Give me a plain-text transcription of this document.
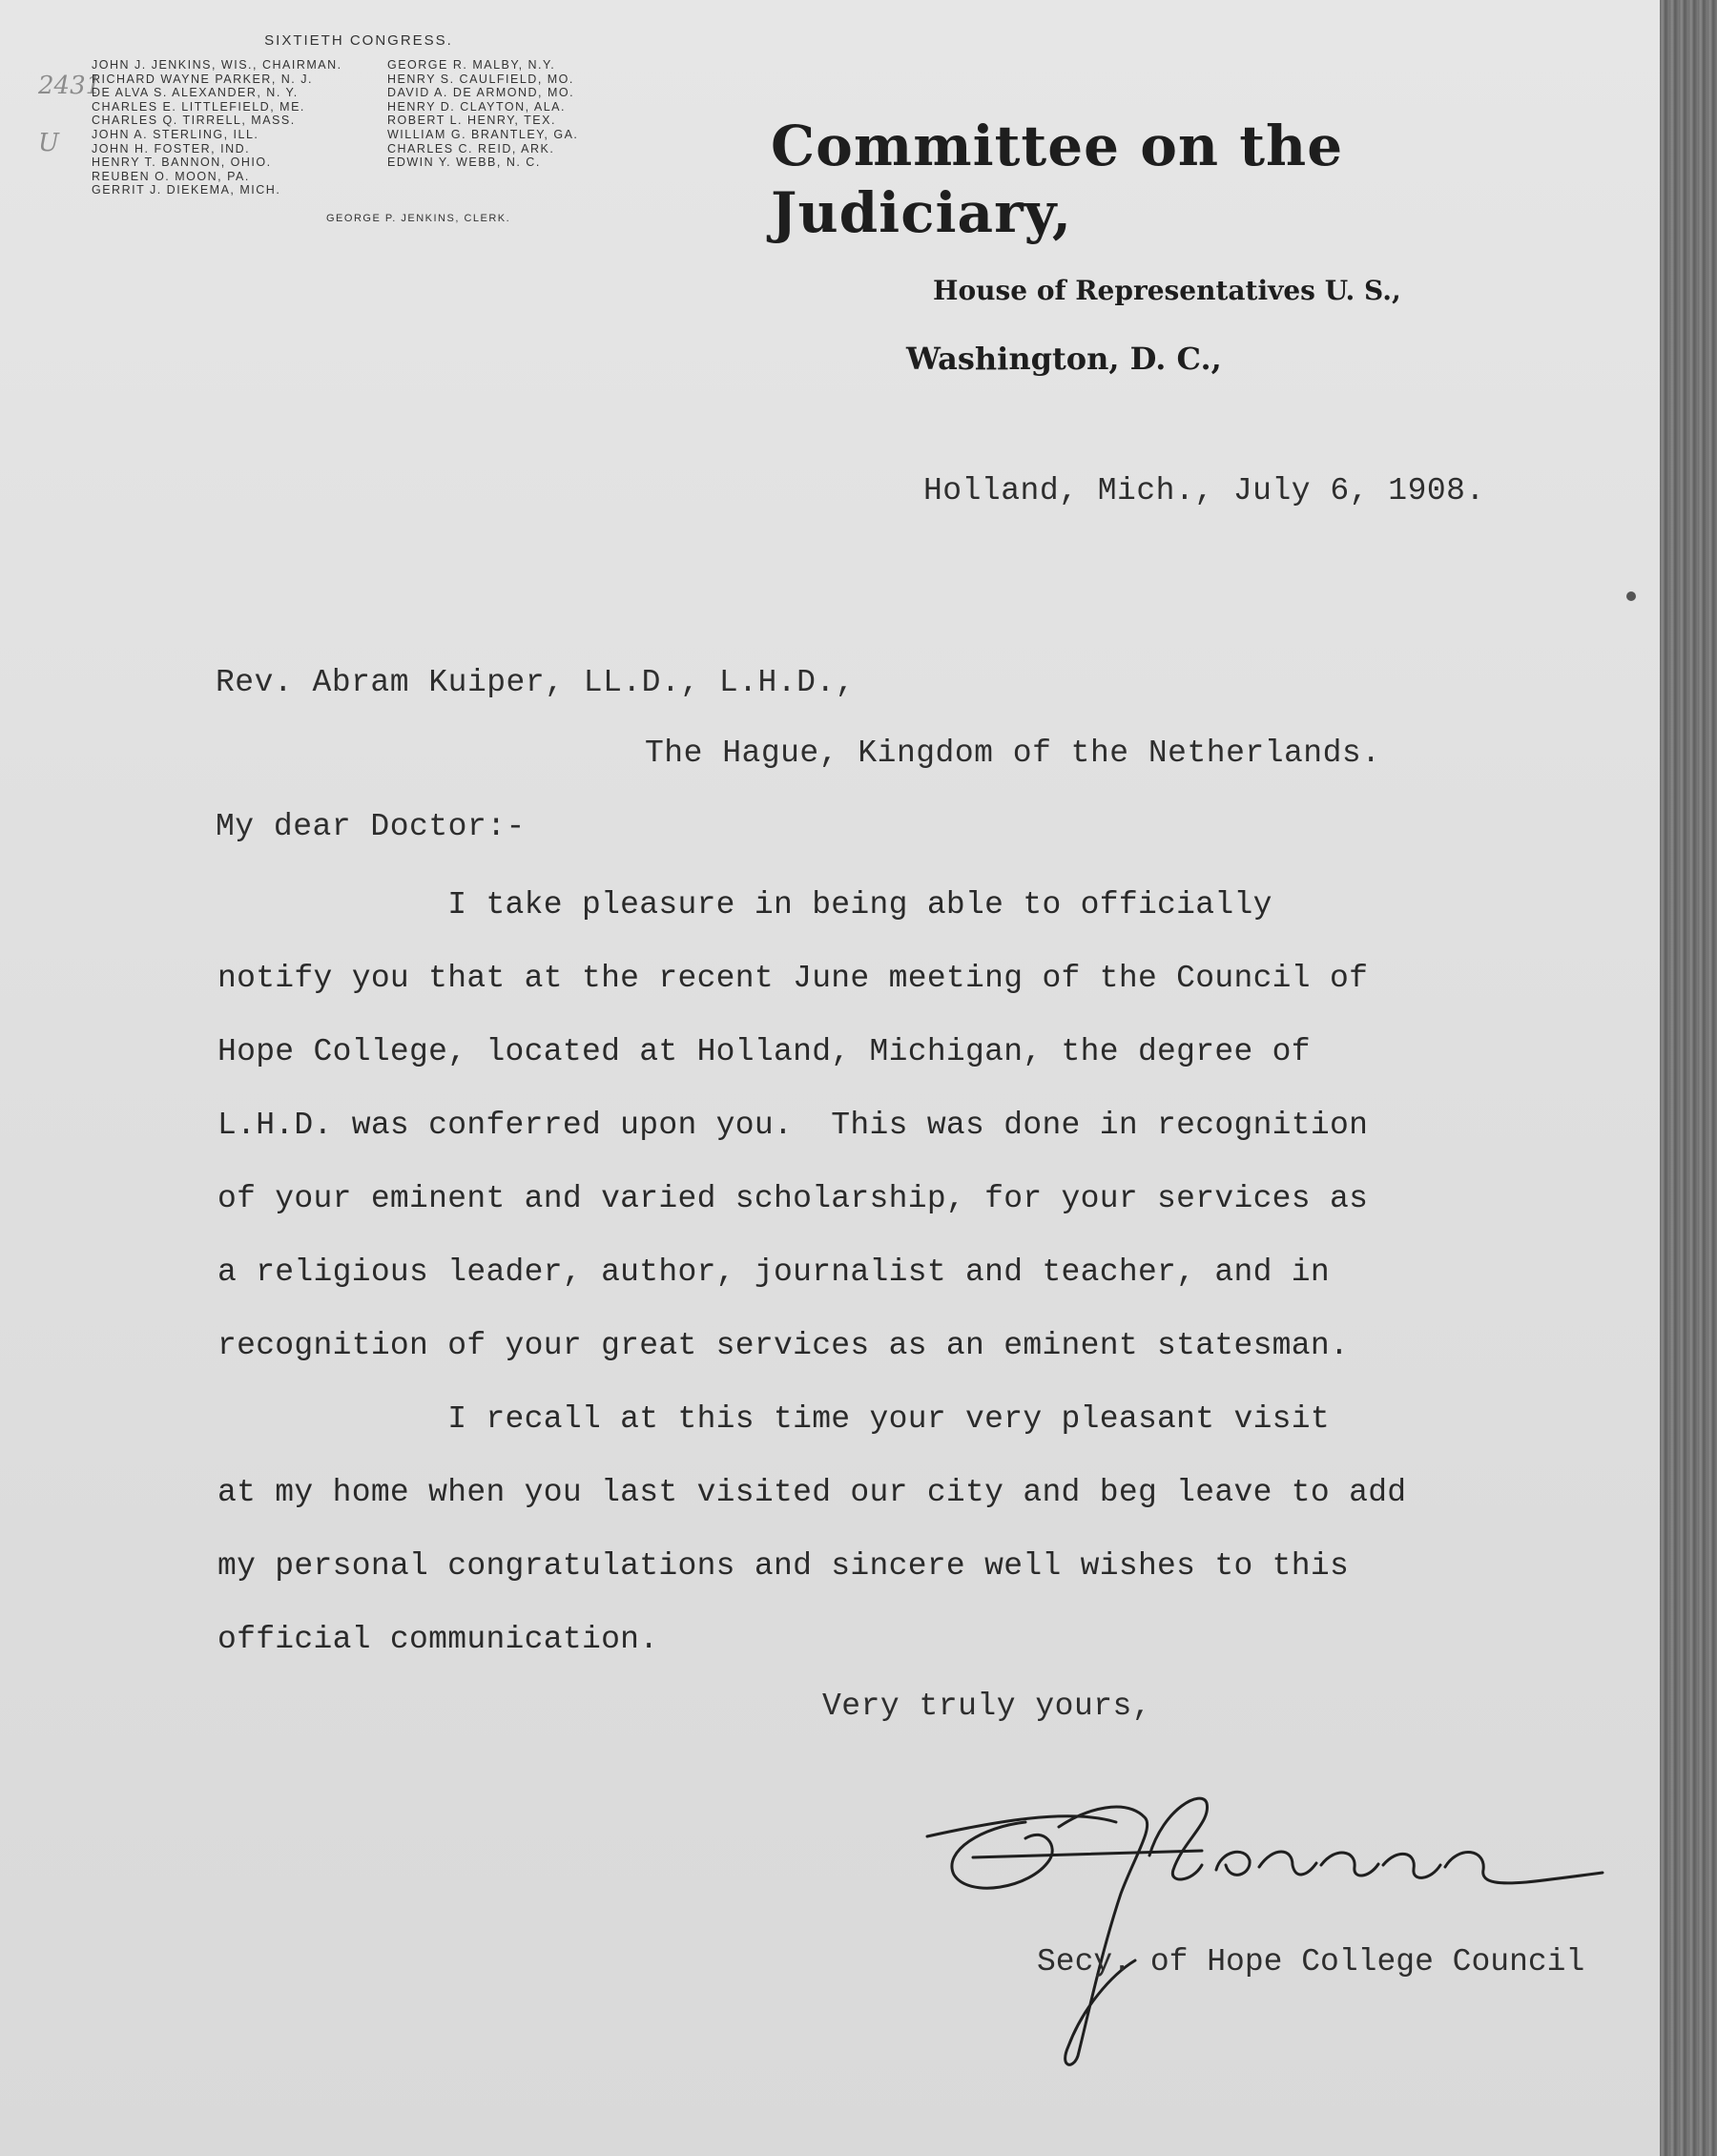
2431 U
SIXTIETH CONGRESS.
JOHN J. JENKINS, WIS., CHAIRMAN.
RICHARD WAYNE PARKER, N. J.
DE ALVA S. ALEXANDER, N. Y.
CHARLES E. LITTLEFIELD, ME.
CHARLES Q. TIRRELL, MASS.
JOHN A. STERLING, ILL.
JOHN H. FOSTER, IND.
HENRY T. BANNON, OHIO.
REUBEN O. MOON, PA.
GERRIT J. DIEKEMA, MICH.
GEORGE R. MALBY, N.Y.
HENRY S. CAULFIELD, MO.
DAVID A. DE ARMOND, MO.
HENRY D. CLAYTON, ALA.
ROBERT L. HENRY, TEX.
WILLIAM G. BRANTLEY, GA.
CHARLES C. REID, ARK.
EDWIN Y. WEBB, N. C.
GEORGE P. JENKINS, CLERK.
Committee on the Judiciary,
House of Representatives U. S.,
Washington, D. C.,
Holland, Mich., July 6, 1908.
Rev. Abram Kuiper, LL.D., L.H.D.,
The Hague, Kingdom of the Netherlands.
My dear Doctor:-

I take pleasure in being able to officially

notify you that at the recent June meeting of the Council of

Hope College, located at Holland, Michigan, the degree of

L.H.D. was conferred upon you.  This was done in recognition

of your eminent and varied scholarship, for your services as

a religious leader, author, journalist and teacher, and in

recognition of your great services as an eminent statesman.

I recall at this time your very pleasant visit

at my home when you last visited our city and beg leave to add

my personal congratulations and sincere well wishes to this

official communication.

Very truly yours,
Secy. of Hope College Council
